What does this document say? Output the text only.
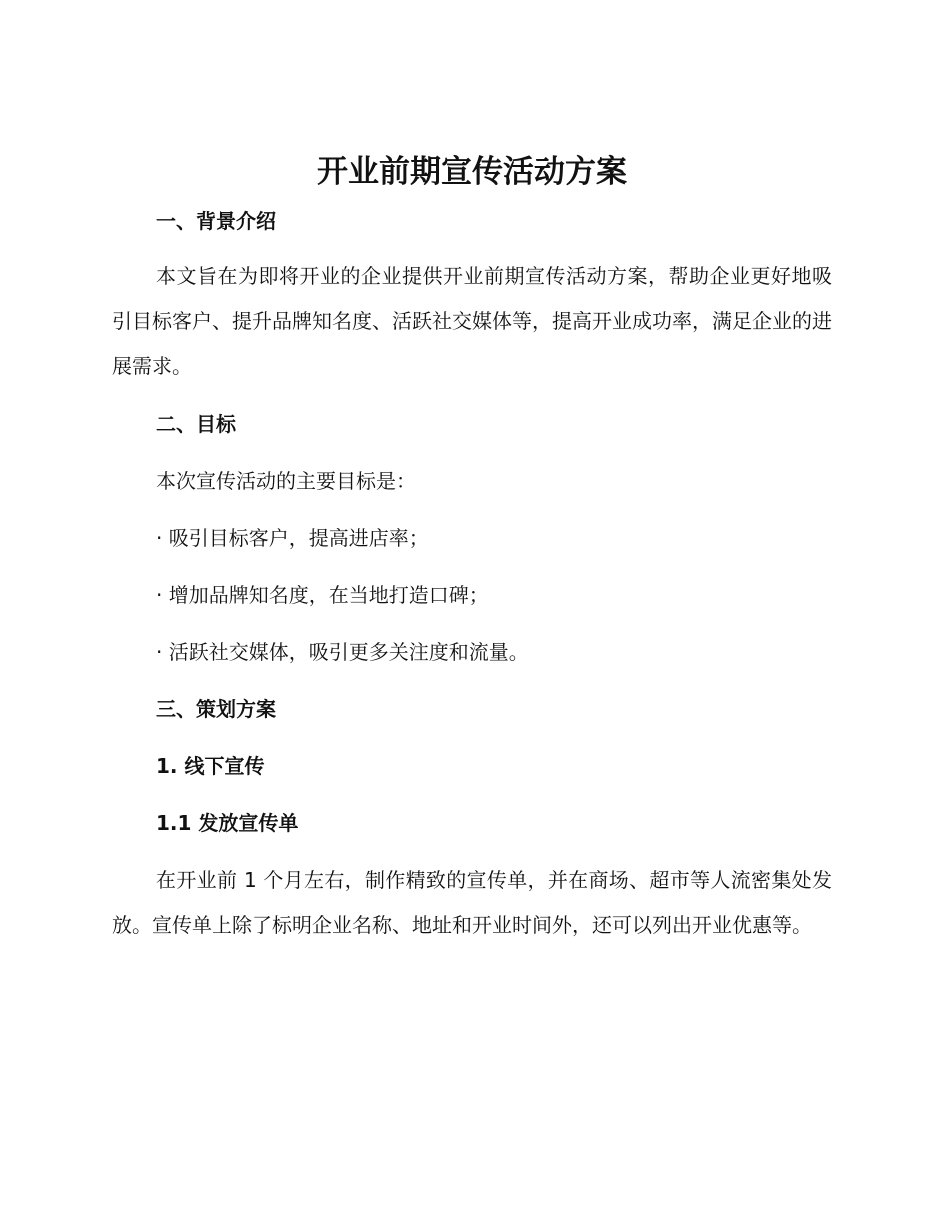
开业前期宣传活动方案
一、背景介绍

本文旨在为即将开业的企业提供开业前期宣传活动方案，帮助企业更好地吸引目标客户、提升品牌知名度、活跃社交媒体等，提高开业成功率，满足企业的进展需求。

二、目标

本次宣传活动的主要目标是：

· 吸引目标客户，提高进店率；

· 增加品牌知名度，在当地打造口碑；

· 活跃社交媒体，吸引更多关注度和流量。

三、策划方案
1. 线下宣传
1.1 发放宣传单

在开业前 1 个月左右，制作精致的宣传单，并在商场、超市等人流密集处发放。宣传单上除了标明企业名称、地址和开业时间外，还可以列出开业优惠等。
